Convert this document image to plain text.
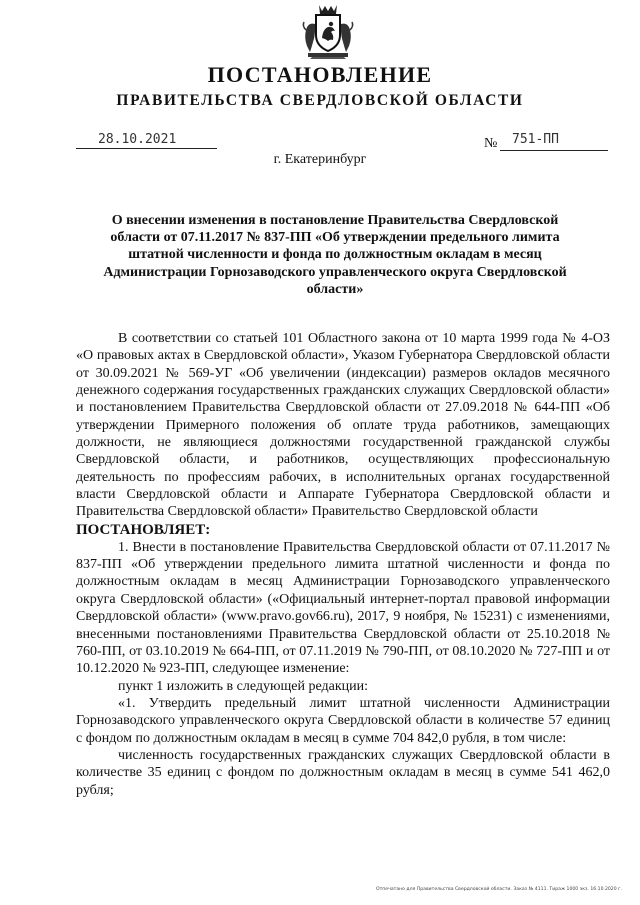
ПОСТАНОВЛЕНИЕ
ПРАВИТЕЛЬСТВА СВЕРДЛОВСКОЙ ОБЛАСТИ
28.10.2021	№ 751-ПП
г. Екатеринбург
О внесении изменения в постановление Правительства Свердловской области от 07.11.2017 № 837-ПП «Об утверждении предельного лимита штатной численности и фонда по должностным окладам в месяц Администрации Горнозаводского управленческого округа Свердловской области»

В соответствии со статьей 101 Областного закона от 10 марта 1999 года № 4-ОЗ «О правовых актах в Свердловской области», Указом Губернатора Свердловской области от 30.09.2021 № 569-УГ «Об увеличении (индексации) размеров окладов месячного денежного содержания государственных гражданских служащих Свердловской области» и постановлением Правительства Свердловской области от 27.09.2018 № 644-ПП «Об утверждении Примерного положения об оплате труда работников, замещающих должности, не являющиеся должностями государственной гражданской службы Свердловской области, и работников, осуществляющих профессиональную деятельность по профессиям рабочих, в исполнительных органах государственной власти Свердловской области и Аппарате Губернатора Свердловской области и Правительства Свердловской области» Правительство Свердловской области

ПОСТАНОВЛЯЕТ:

1. Внести в постановление Правительства Свердловской области от 07.11.2017 № 837-ПП «Об утверждении предельного лимита штатной численности и фонда по должностным окладам в месяц Администрации Горнозаводского управленческого округа Свердловской области» («Официальный интернет-портал правовой информации Свердловской области» (www.pravo.gov66.ru), 2017, 9 ноября, № 15231) с изменениями, внесенными постановлениями Правительства Свердловской области от 25.10.2018 № 760-ПП, от 03.10.2019 № 664-ПП, от 07.11.2019 № 790-ПП, от 08.10.2020 № 727-ПП и от 10.12.2020 № 923-ПП, следующее изменение:

пункт 1 изложить в следующей редакции:

«1. Утвердить предельный лимит штатной численности Администрации Горнозаводского управленческого округа Свердловской области в количестве 57 единиц с фондом по должностным окладам в месяц в сумме 704 842,0 рубля, в том числе:

численность государственных гражданских служащих Свердловской области в количестве 35 единиц с фондом по должностным окладам в месяц в сумме 541 462,0 рубля;

Отпечатано для Правительства Свердловской области. Заказ № 4111. Тираж 1000 экз. 16.10.2020 г.
